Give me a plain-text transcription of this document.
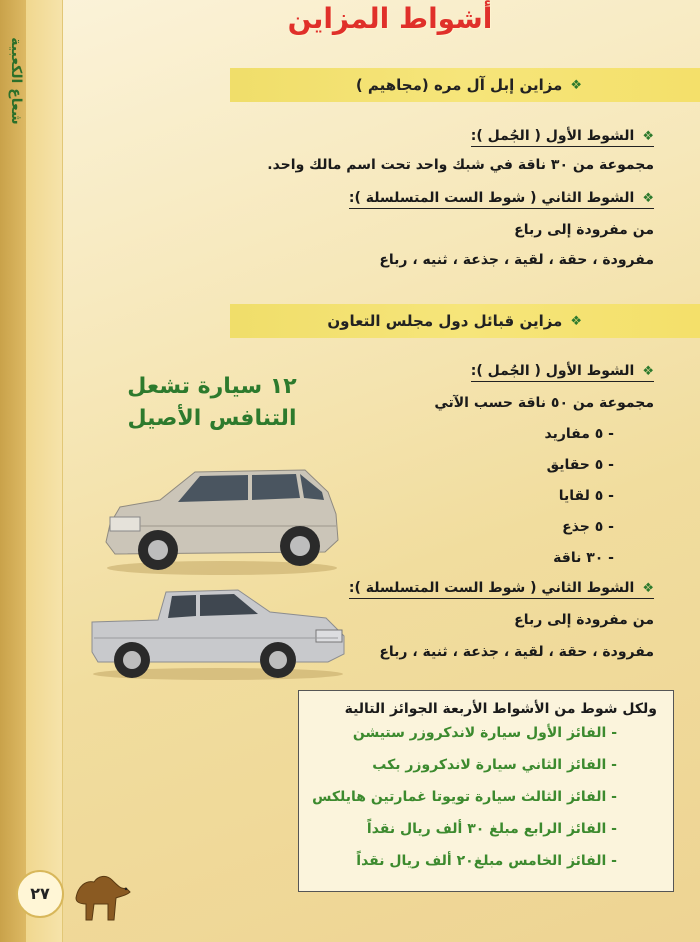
شعاع الكعبية
أشواط المزاين
❖
مزاين إبل آل مره (مجاهيم )
❖الشوط الأول ( الجُمل ):
مجموعة من ٣٠ ناقة في شبك واحد تحت اسم مالك واحد.
❖الشوط الثاني ( شوط الست المتسلسلة ):
من مفرودة إلى رباع
مفرودة ، حقة ، لقية ، جذعة ، ثنيه ، رباع
❖
مزاين قبائل دول مجلس التعاون
❖الشوط الأول ( الجُمل ):
مجموعة من ٥٠ ناقة حسب الآتي
- ٥ مفاريد
- ٥ حقايق
- ٥ لقايا
- ٥ جذع
- ٣٠ ناقة
❖الشوط الثاني ( شوط الست المتسلسلة ):
من مفرودة إلى رباع
مفرودة ، حقة ، لقية ، جذعة ، ثنية ، رباع
١٢ سيارة تشعل
التنافس الأصيل
ولكل شوط من الأشواط الأربعة الجوائز التالية
- الفائز الأول سيارة لاندكروزر ستيشن
- الفائز الثاني سيارة لاندكروزر بكب
- الفائز الثالث سيارة تويوتا غمارتين هايلكس
- الفائز الرابع مبلغ ٣٠ ألف ريال نقداً
- الفائز الخامس مبلغ٢٠ ألف ريال نقداً
٢٧
